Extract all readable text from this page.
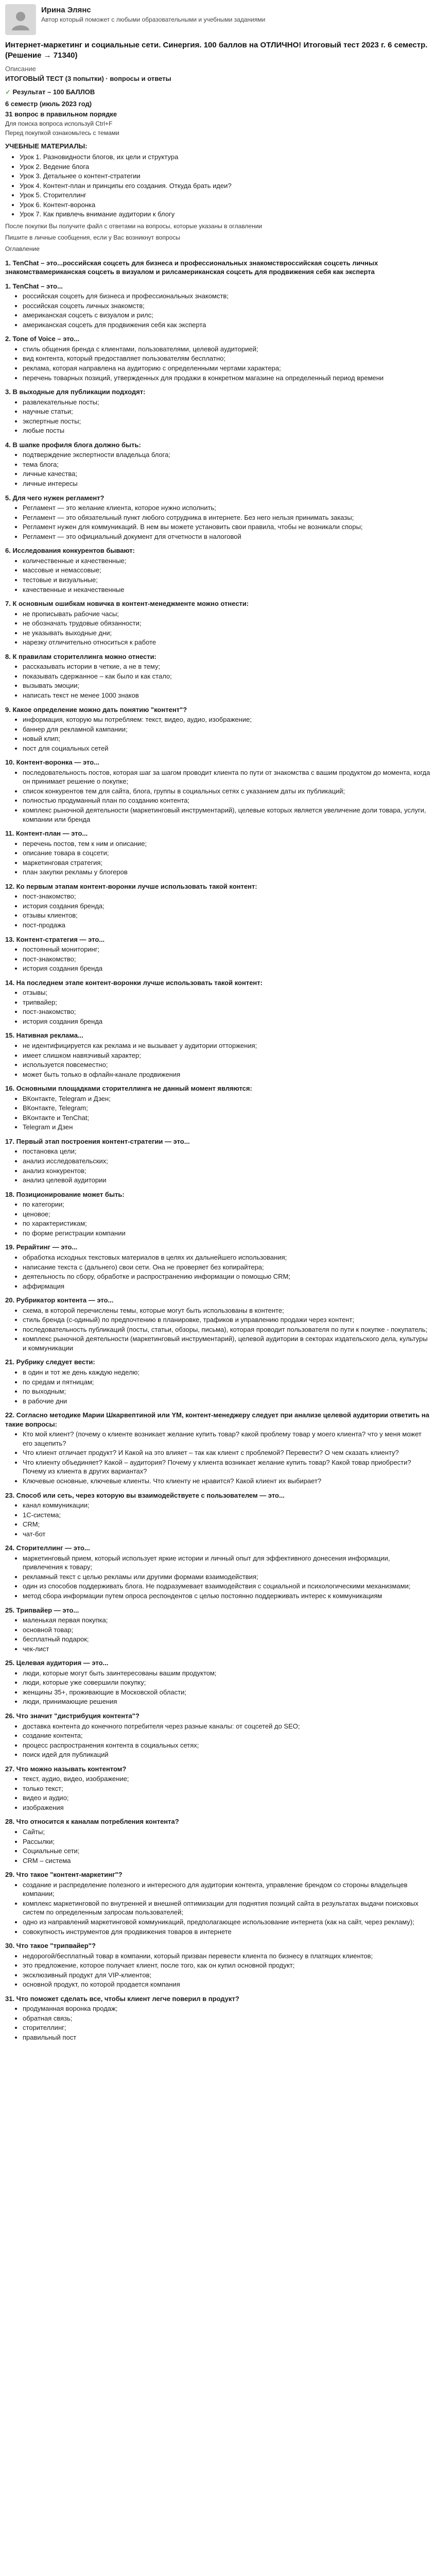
Ирина Элянс
Автор который поможет с любыми образовательными и учебными заданиями
Интернет-маркетинг и социальные сети. Синергия. 100 баллов на ОТЛИЧНО! Итоговый тест 2023 г. 6 семестр. (Решение → 71340)
Описание
ИТОГОВЫЙ ТЕСТ (3 попытки) · вопросы и ответы
✓ Результат – 100 БАЛЛОВ
6 семестр (июль 2023 год)
31 вопрос в правильном порядке
Для поиска вопроса используй Ctrl+F
Перед покупкой ознакомьтесь с темами
УЧЕБНЫЕ МАТЕРИАЛЫ:
• Урок 1. Разновидности блогов, их цели и структура
• Урок 2. Ведение блога
• Урок 3. Детальнее о контент-стратегии
• Урок 4. Контент-план и принципы его создания. Откуда брать идеи?
• Урок 5. Сторителлинг
• Урок 6. Контент-воронка
• Урок 7. Как привлечь внимание аудитории к блогу
После покупки Вы получите файл с ответами на вопросы, которые указаны в оглавлении
Пишите в личные сообщения, если у Вас возникнут вопросы
Оглавление
1. TenChat – это...российская соцсеть для бизнеса и профессиональных знакомствроссийская соцсеть личных знакомствамериканская соцсеть в визуалом и рилсамериканская соцсеть для продвижения себя как эксперта
1. TenChat – это...
• российская соцсеть для бизнеса и профессиональных знакомств;
• российская соцсеть личных знакомств;
• американская соцсеть с визуалом и рилс;
• американская соцсеть для продвижения себя как эксперта
2. Tone of Voice – это...
• стиль общения бренда с клиентами, пользователями, целевой аудиторией;
• вид контента, который предоставляет пользователям бесплатно;
• реклама, которая направлена на аудиторию с определенными чертами характера;
• перечень товарных позиций, утвержденных для продажи в конкретном магазине на определенный период времени
3. В выходные для публикации подходят:
• развлекательные посты;
• научные статьи;
• экспертные посты;
• любые посты
4. В шапке профиля блога должно быть:
• подтверждение экспертности владельца блога;
• тема блога;
• личные качества;
• личные интересы
5. Для чего нужен регламент?
• Регламент — это желание клиента, которое нужно исполнить;
• Регламент — это обязательный пункт любого сотрудника в интернете. Без него нельзя принимать заказы;
• Регламент нужен для коммуникаций. В нем вы можете установить свои правила, чтобы не возникали споры;
• Регламент — это официальный документ для отчетности в налоговой
6. Исследования конкурентов бывают:
• количественные и качественные;
• массовые и немассовые;
• тестовые и визуальные;
• качественные и некачественные
7. К основным ошибкам новичка в контент-менеджменте можно отнести:
• не прописывать рабочие часы;
• не обозначать трудовые обязанности;
• не указывать выходные дни;
• нарезку отличительно относиться к работе
8. К правилам сторителлинга можно отнести:
• рассказывать истории в четкие, а не в тему;
• показывать сдержанное – как было и как стало;
• вызывать эмоции;
• написать текст не менее 1000 знаков
9. Какое определение можно дать понятию "контент"?
• информация, которую мы потребляем: текст, видео, аудио, изображение;
• баннер для рекламной кампании;
• новый клип;
• пост для социальных сетей
10. Контент-воронка — это...
• последовательность постов, которая шаг за шагом проводит клиента по пути от знакомства с вашим продуктом до момента, когда он принимает решение о покупке;
• список конкурентов тем для сайта, блога, группы в социальных сетях с указанием даты их публикаций;
• полностью продуманный план по созданию контента;
• комплекс рыночной деятельности (маркетинговый инструментарий), целевые которых является увеличение доли товара, услуги, компании или бренда
11. Контент-план — это...
• перечень постов, тем к ним и описание;
• описание товара в соцсети;
• маркетинговая стратегия;
• план закупки рекламы у блогеров
12. Ко первым этапам контент-воронки лучше использовать такой контент:
• пост-знакомство;
• история создания бренда;
• отзывы клиентов;
• пост-продажа
13. Контент-стратегия — это...
• постоянный мониторинг;
• пост-знакомство;
• история создания бренда
14. На последнем этапе контент-воронки лучше использовать такой контент:
• отзывы;
• трипвайер;
• пост-знакомство;
• история создания бренда
15. Нативная реклама...
• не идентифицируется как реклама и не вызывает у аудитории отторжения;
• имеет слишком навязчивый характер;
• используется повсеместно;
• может быть только в офлайн-канале продвижения
16. Основными площадками сторителлинга не данный момент являются:
• ВКонтакте, Telegram и Дзен;
• ВКонтакте, Telegram;
• ВКонтакте и TenChat;
• Telegram и Дзен
17. Первый этап построения контент-стратегии — это...
• постановка цели;
• анализ исследовательских;
• анализ конкурентов;
• анализ целевой аудитории
18. Позиционирование может быть:
• по категории;
• ценовое;
• по характеристикам;
• по форме регистрации компании
19. Рерайтинг — это...
• обработка исходных текстовых материалов в целях их дальнейшего использования;
• написание текста с (дальнего) свои сети. Она не проверяет без копирайтера;
• деятельность по сбору, обработке и распространению информации о помощью CRM;
• аффирмация
20. Рубрикатор контента — это...
• схема, в которой перечислены темы, которые могут быть использованы в контенте;
• стиль бренда (с-одиный) по предпочтению в планировке, трафиков и управлению продажи через контент;
• последовательность публикаций (посты, статьи, обзоры, письма), которая проводит пользователя по пути к покупке - покупатель;
• комплекс рыночной деятельности (маркетинговый инструментарий), целевой аудитории в секторах издательского дела, культуры и коммуникации
21. Рубрику следует вести:
• в один и тот же день каждую неделю;
• по средам и пятницам;
• по выходным;
• в рабочие дни
22. Согласно методике Марии Шкарвептиной или YM, контент-менеджеру следует при анализе целевой аудитории ответить на такие вопросы:
• Кто мой клиент? (почему о клиенте возникает желание купить товар? какой проблему товар у моего клиента? что у меня может его зацепить?
• Что клиент отличает продукт? И Какой на это влияет – так как клиент с проблемой? Перевести? О чем сказать клиенту?
• Что клиенту объединяет? Какой – аудитория? Почему у клиента возникает желание купить товар? Какой товар приобрести? Почему из клиента в других вариантах?
• Ключевые основные, ключевые клиенты. Что клиенту не нравится? Какой клиент их выбирает?
23. Способ или сеть, через которую вы взаимодействуете с пользователем — это...
• канал коммуникации;
• 1С-система;
• CRM;
• чат-бот
24. Сторителлинг — это...
• маркетинговый прием, который использует яркие истории и личный опыт для эффективного донесения информации, привлечения к товару;
• рекламный текст с целью рекламы или другими формами взаимодействия;
• один из способов поддерживать блога. Не подразумевает взаимодействия с социальной и психологическими механизмами;
• метод сбора информации путем опроса респондентов с целью постоянно поддерживать интерес к коммуникациям
25. Трипвайер — это...
• маленькая первая покупка;
• основной товар;
• бесплатный подарок;
• чек-лист
25. Целевая аудитория — это...
• люди, которые могут быть заинтересованы вашим продуктом;
• люди, которые уже совершили покупку;
• женщины 35+, проживающие в Московской области;
• люди, принимающие решения
26. Что значит "дистрибуция контента"?
• доставка контента до конечного потребителя через разные каналы: от соцсетей до SEO;
• создание контента;
• процесс распространения контента в социальных сетях;
• поиск идей для публикаций
27. Что можно называть контентом?
• текст, аудио, видео, изображение;
• только текст;
• видео и аудио;
• изображения
28. Что относится к каналам потребления контента?
• Сайты;
• Рассылки;
• Социальные сети;
• CRM – система
29. Что такое "контент-маркетинг"?
• создание и распределение полезного и интересного для аудитории контента, управление брендом со стороны владельцев компании;
• комплекс маркетинговой по внутренней и внешней оптимизации для поднятия позиций сайта в результатах выдачи поисковых систем по определенным запросам пользователей;
• одно из направлений маркетинговой коммуникаций, предполагающее использование интернета (как на сайт, через рекламу);
• совокупность инструментов для продвижения товаров в интернете
30. Что такое "трипвайер"?
• недорогой/бесплатный товар в компании, который призван перевести клиента по бизнесу в платящих клиентов;
• это предложение, которое получает клиент, после того, как он купил основной продукт;
• эксклюзивный продукт для VIP-клиентов;
• основной продукт, по которой продается компания
31. Что поможет сделать все, чтобы клиент легче поверил в продукт?
• продуманная воронка продаж;
• обратная связь;
• сторителлинг;
• правильный пост
